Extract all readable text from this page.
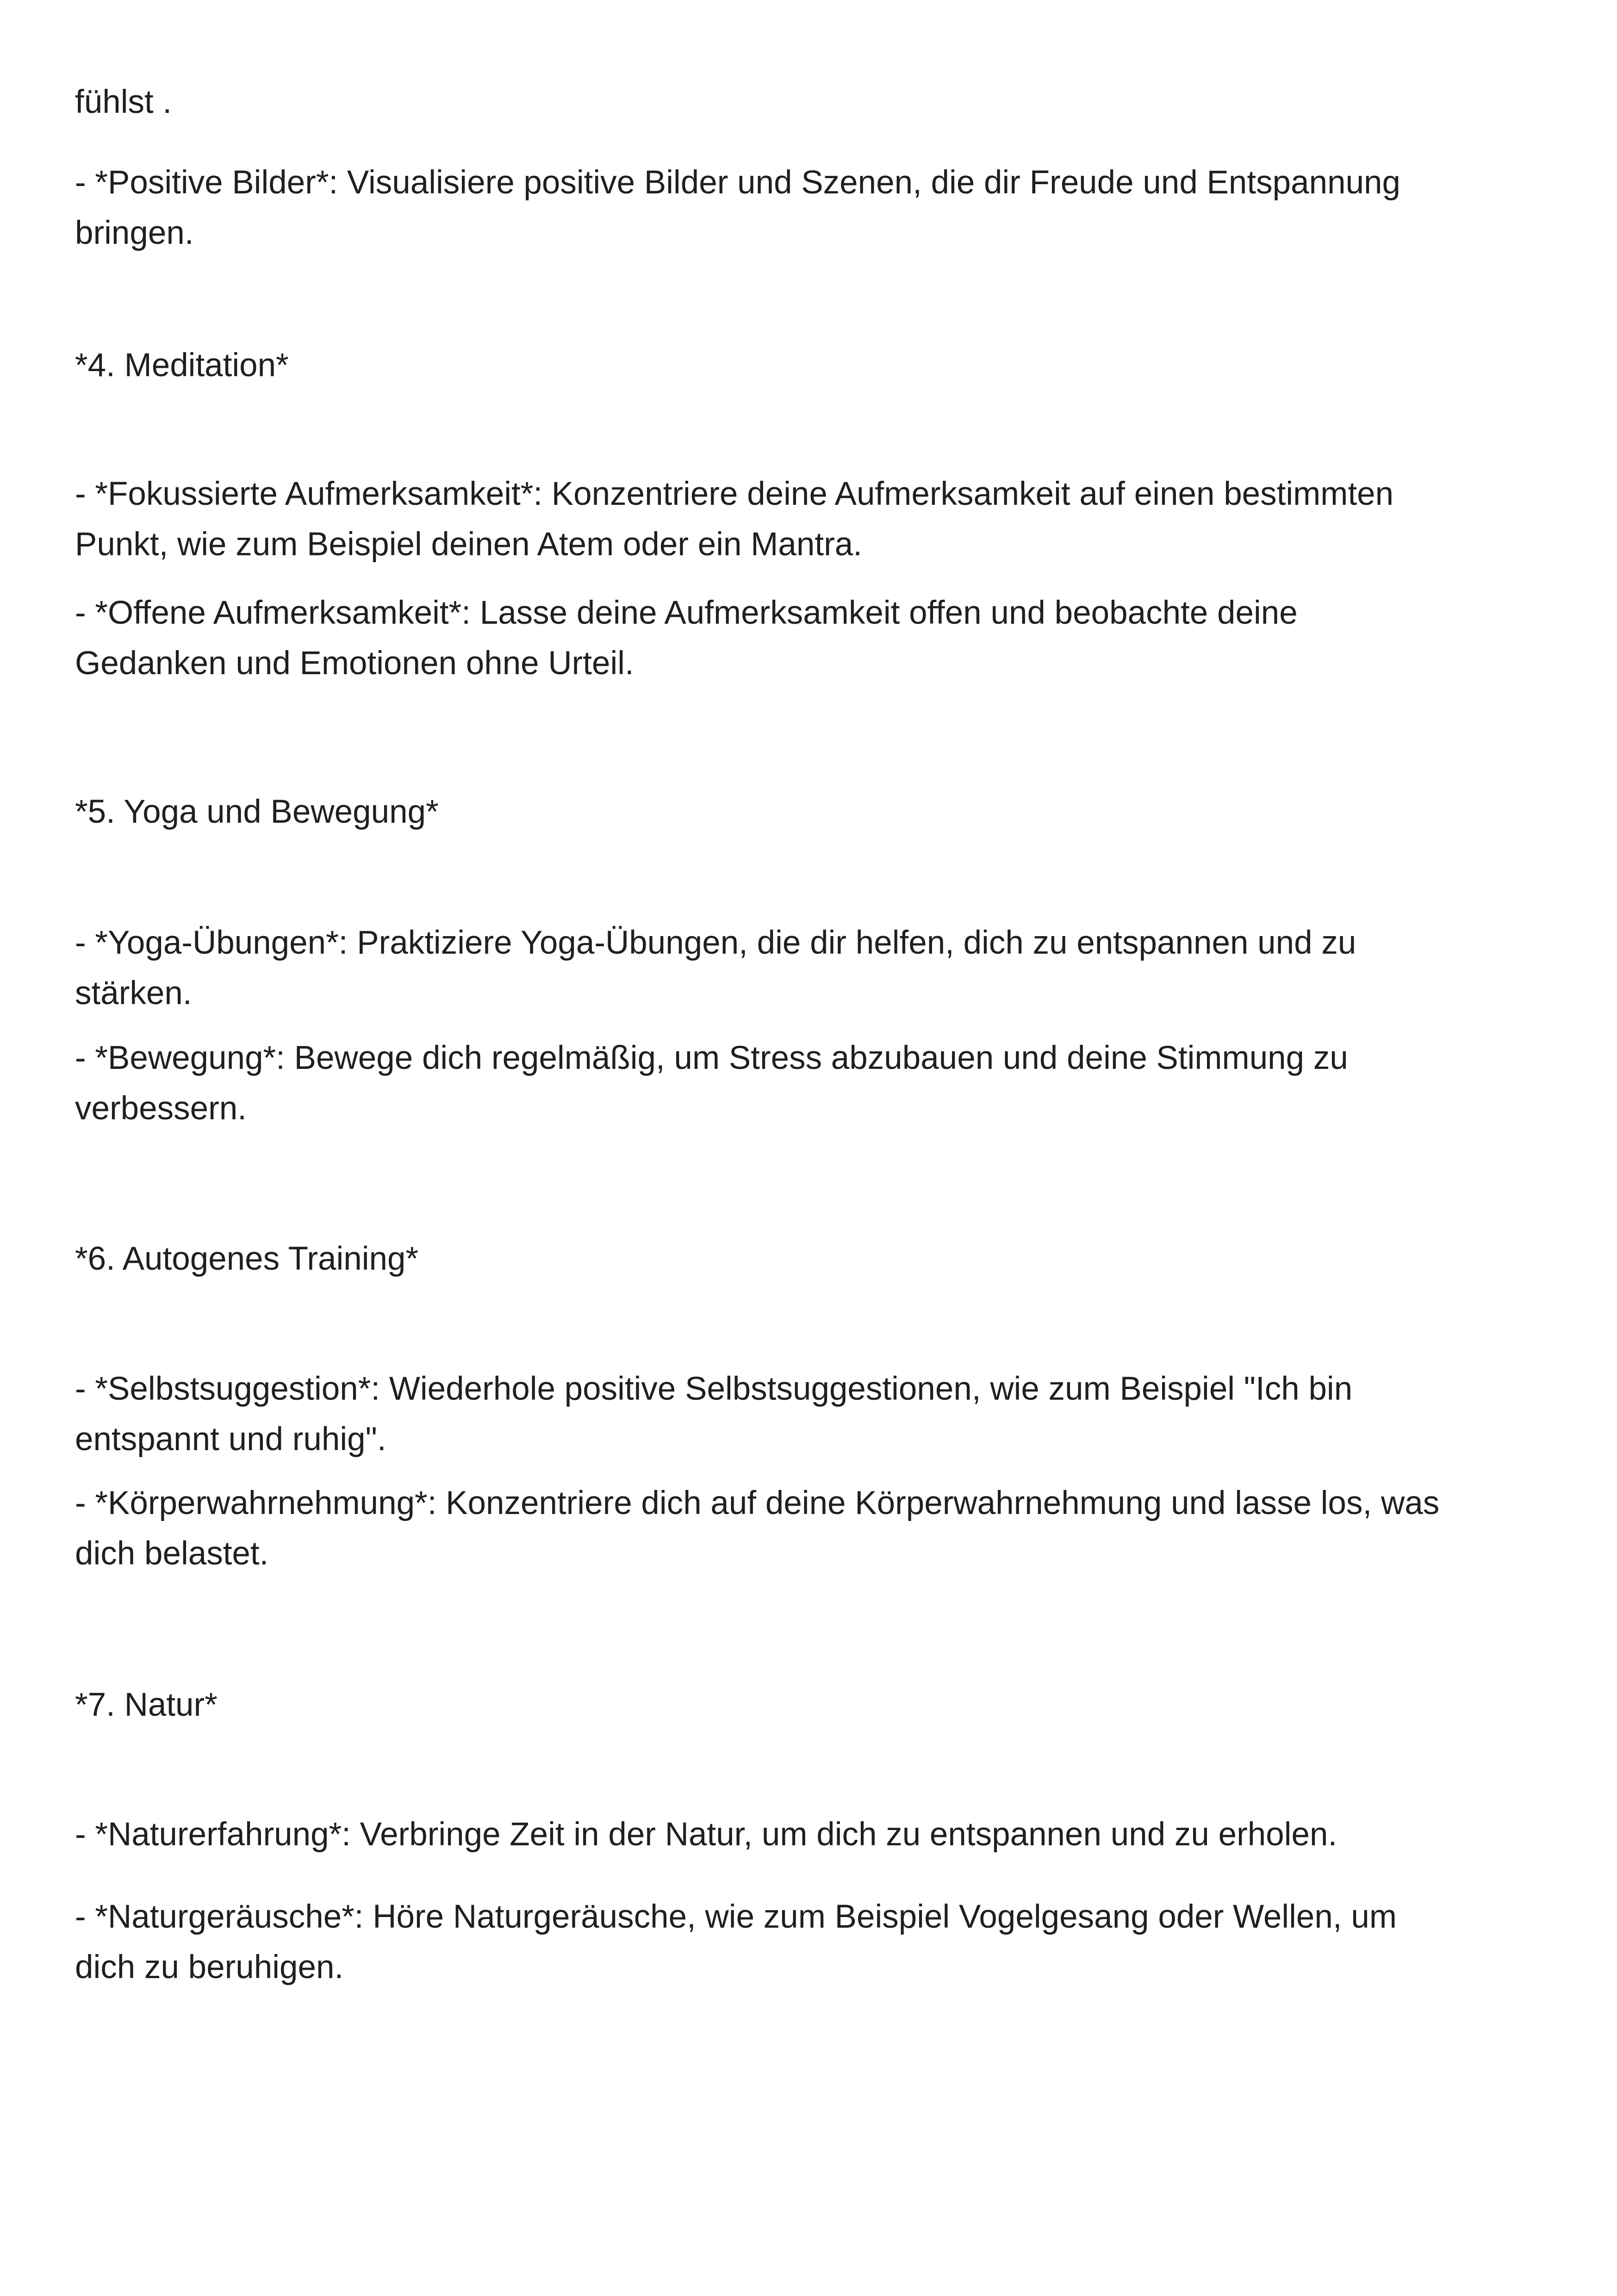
fühlst .

- *Positive Bilder*: Visualisiere positive Bilder und Szenen, die dir Freude und Entspannung
bringen.

*4. Meditation*

- *Fokussierte Aufmerksamkeit*: Konzentriere deine Aufmerksamkeit auf einen bestimmten
Punkt, wie zum Beispiel deinen Atem oder ein Mantra.

- *Offene Aufmerksamkeit*: Lasse deine Aufmerksamkeit offen und beobachte deine
Gedanken und Emotionen ohne Urteil.

*5. Yoga und Bewegung*

- *Yoga-Übungen*: Praktiziere Yoga-Übungen, die dir helfen, dich zu entspannen und zu
stärken.

- *Bewegung*: Bewege dich regelmäßig, um Stress abzubauen und deine Stimmung zu
verbessern.

*6. Autogenes Training*

- *Selbstsuggestion*: Wiederhole positive Selbstsuggestionen, wie zum Beispiel "Ich bin
entspannt und ruhig".

- *Körperwahrnehmung*: Konzentriere dich auf deine Körperwahrnehmung und lasse los, was
dich belastet.

*7. Natur*

- *Naturerfahrung*: Verbringe Zeit in der Natur, um dich zu entspannen und zu erholen.

- *Naturgeräusche*: Höre Naturgeräusche, wie zum Beispiel Vogelgesang oder Wellen, um
dich zu beruhigen.
